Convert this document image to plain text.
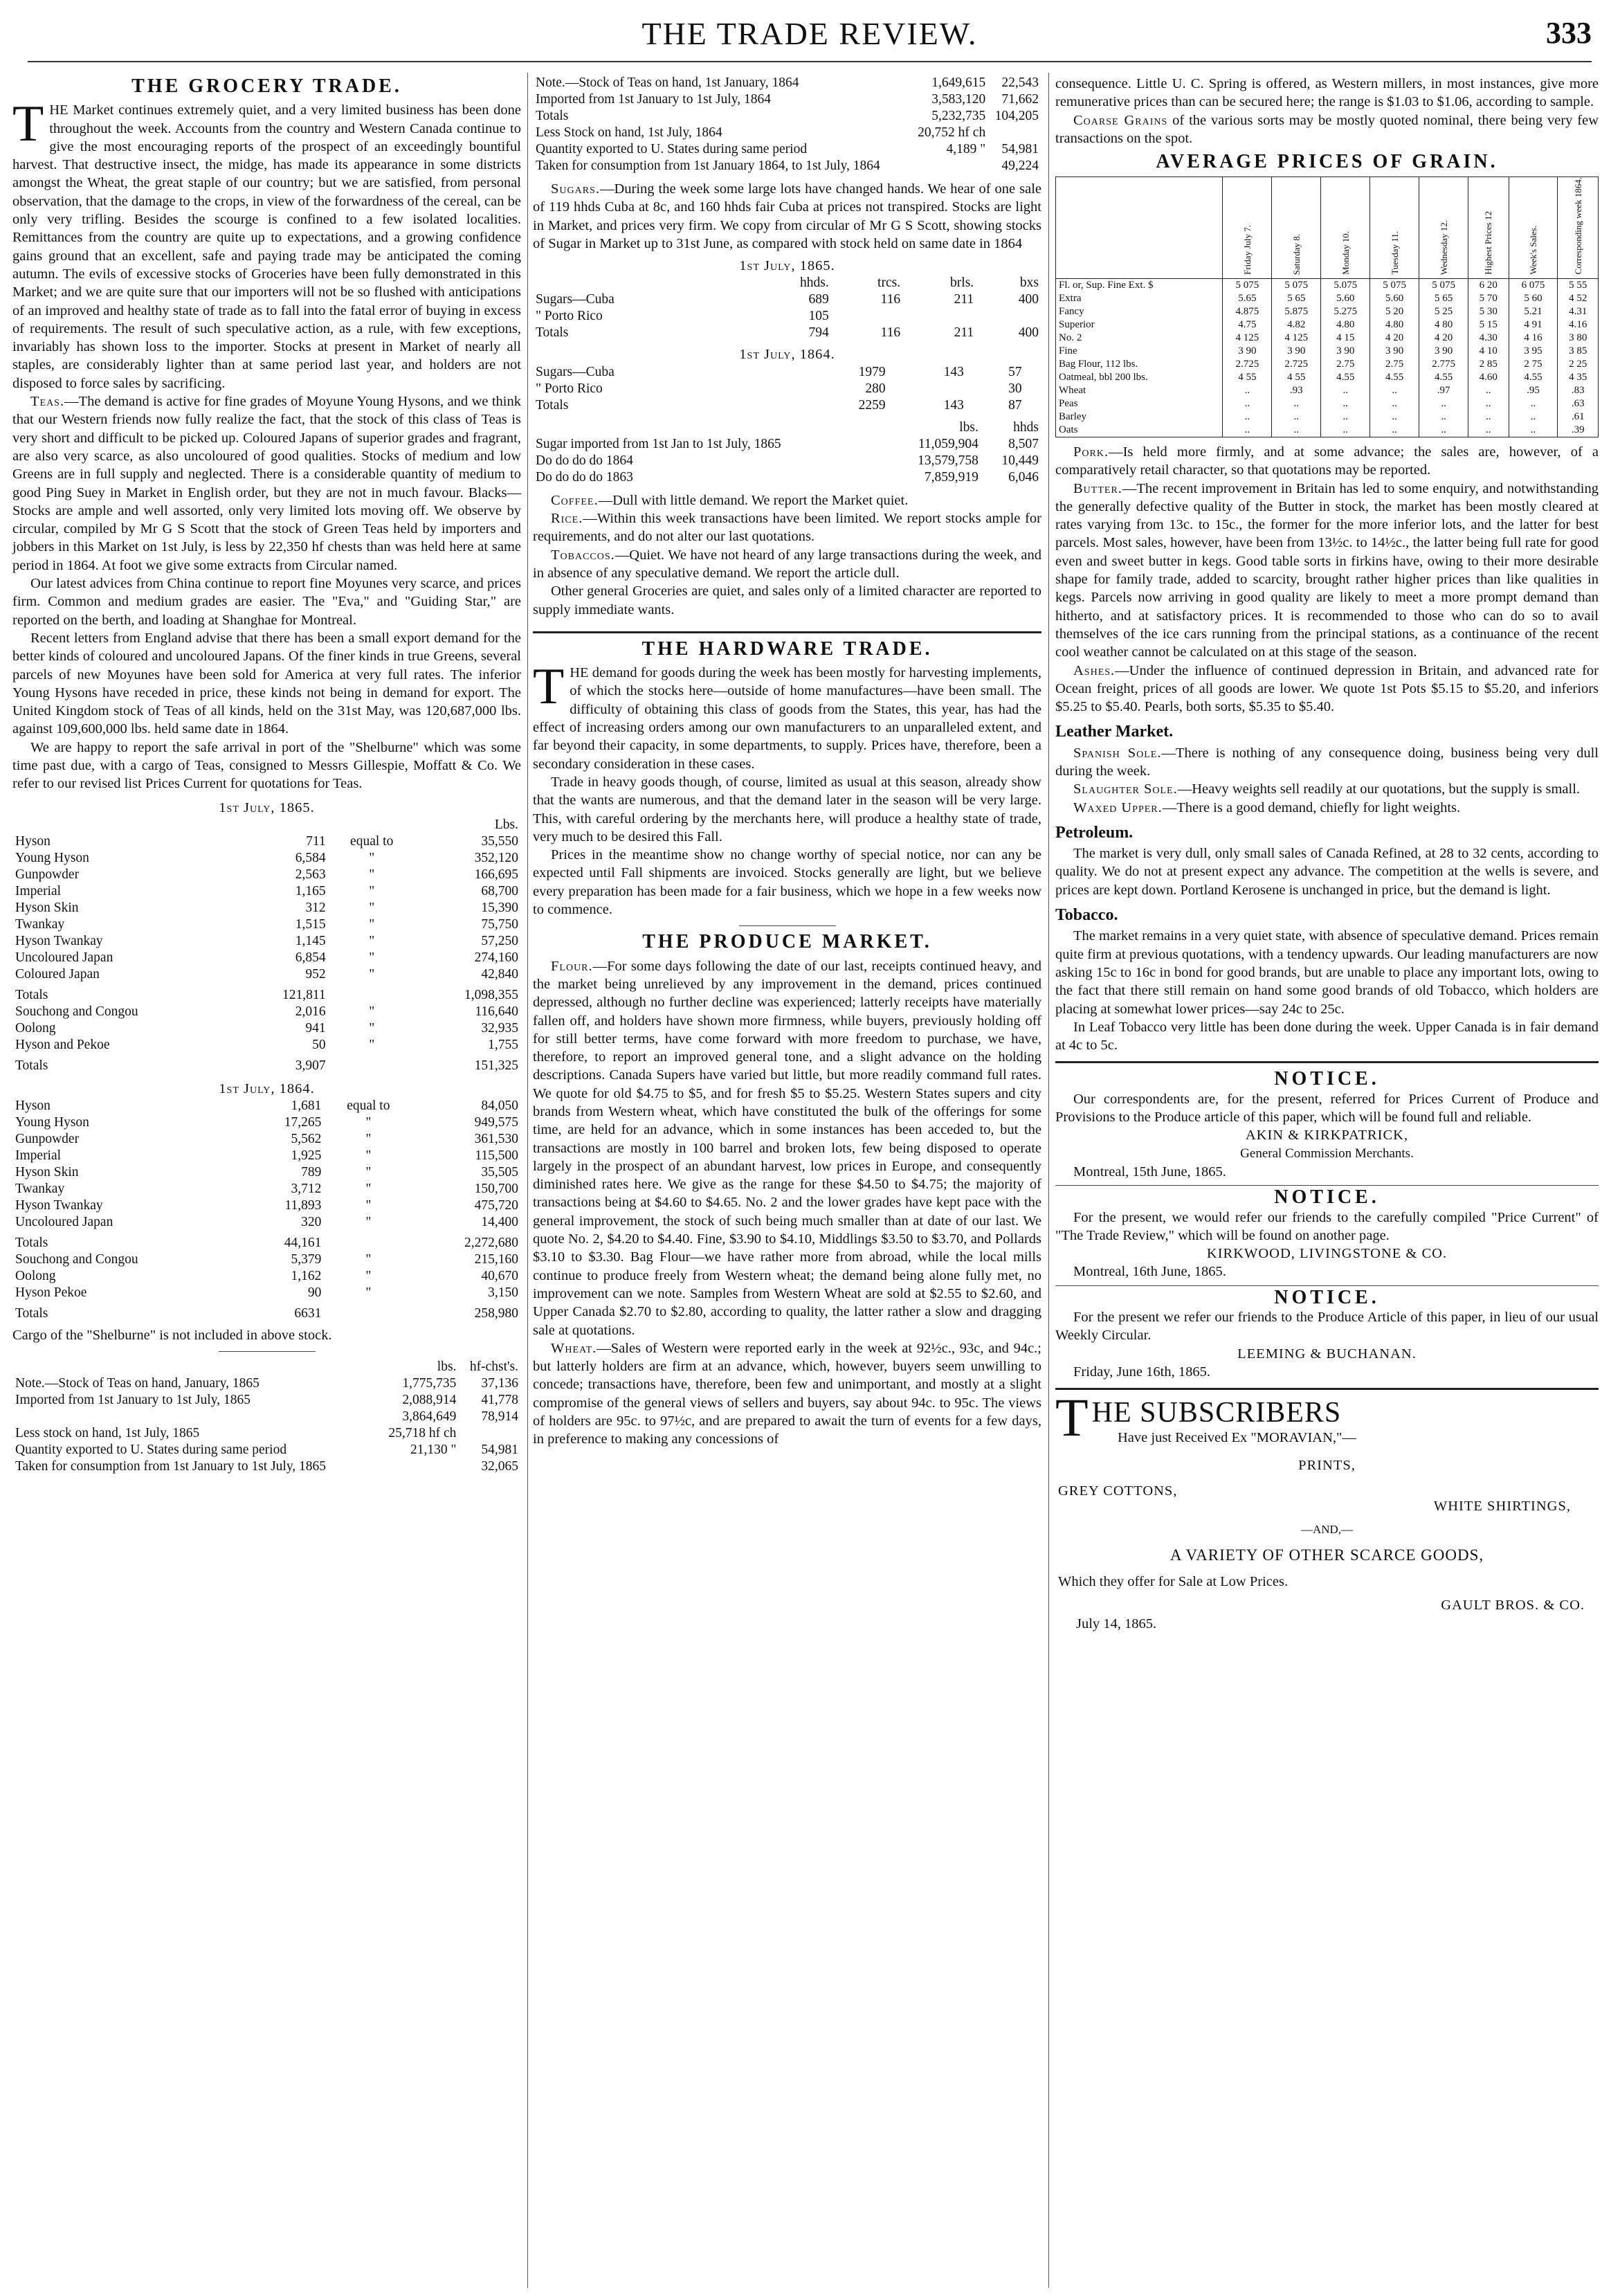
THE TRADE REVIEW.	333
THE GROCERY TRADE.

THE Market continues extremely quiet, and a very limited business has been done throughout the week. Accounts from the country and Western Canada continue to give the most encouraging reports of the prospect of an exceedingly bountiful harvest. That destructive insect, the midge, has made its appearance in some districts amongst the Wheat, the great staple of our country; but we are satisfied, from personal observation, that the damage to the crops, in view of the forwardness of the cereal, can be only very trifling. Besides the scourge is confined to a few isolated localities. Remittances from the country are quite up to expectations, and a growing confidence gains ground that an excellent, safe and paying trade may be anticipated the coming autumn. The evils of excessive stocks of Groceries have been fully demonstrated in this Market; and we are quite sure that our importers will not be so flushed with anticipations of an improved and healthy state of trade as to fall into the fatal error of buying in excess of requirements. The result of such speculative action, as a rule, with few exceptions, invariably has shown loss to the importer. Stocks at present in Market of nearly all staples, are considerably lighter than at same period last year, and holders are not disposed to force sales by sacrificing.

Teas.—The demand is active for fine grades of Moyune Young Hysons, and we think that our Western friends now fully realize the fact, that the stock of this class of Teas is very short and difficult to be picked up. Coloured Japans of superior grades and fragrant, are also very scarce, as also uncoloured of good qualities. Stocks of medium and low Greens are in full supply and neglected. There is a considerable quantity of medium to good Ping Suey in Market in English order, but they are not in much favour. Blacks—Stocks are ample and well assorted, only very limited lots moving off. We observe by circular, compiled by Mr G S Scott that the stock of Green Teas held by importers and jobbers in this Market on 1st July, is less by 22,350 hf chests than was held here at same period in 1864. At foot we give some extracts from Circular named.

Our latest advices from China continue to report fine Moyunes very scarce, and prices firm. Common and medium grades are easier. The "Eva," and "Guiding Star," are reported on the berth, and loading at Shanghae for Montreal.

Recent letters from England advise that there has been a small export demand for the better kinds of coloured and uncoloured Japans. Of the finer kinds in true Greens, several parcels of new Moyunes have been sold for America at very full rates. The inferior Young Hysons have receded in price, these kinds not being in demand for export. The United Kingdom stock of Teas of all kinds, held on the 31st May, was 120,687,000 lbs. against 109,600,000 lbs. held same date in 1864.

We are happy to report the safe arrival in port of the "Shelburne" which was some time past due, with a cargo of Teas, consigned to Messrs Gillespie, Moffatt & Co. We refer to our revised list Prices Current for quotations for Teas.

1st July, 1865.
			Lbs.
Hyson	711	equal to	35,550
Young Hyson	6,584	"	352,120
Gunpowder	2,563	"	166,695
Imperial	1,165	"	68,700
Hyson Skin	312	"	15,390
Twankay	1,515	"	75,750
Hyson Twankay	1,145	"	57,250
Uncoloured Japan	6,854	"	274,160
Coloured Japan	952	"	42,840
Totals	121,811		1,098,355
Souchong and Congou	2,016	"	116,640
Oolong	941	"	32,935
Hyson and Pekoe	50	"	1,755
Totals	3,907		151,325
1st July, 1864.
Hyson	1,681	equal to	84,050
Young Hyson	17,265	"	949,575
Gunpowder	5,562	"	361,530
Imperial	1,925	"	115,500
Hyson Skin	789	"	35,505
Twankay	3,712	"	150,700
Hyson Twankay	11,893	"	475,720
Uncoloured Japan	320	"	14,400
Totals	44,161		2,272,680
Souchong and Congou	5,379	"	215,160
Oolong	1,162	"	40,670
Hyson Pekoe	90	"	3,150
Totals	6631		258,980

Cargo of the "Shelburne" is not included in above stock.

	lbs.	hf-chst's.
Note.—Stock of Teas on hand, January, 1865	1,775,735	37,136
Imported from 1st January to 1st July, 1865	2,088,914	41,778
	3,864,649	78,914
Less stock on hand, 1st July, 1865	25,718 hf ch	
Quantity exported to U. States during same period	21,130 "	54,981
Taken for consumption from 1st January to 1st July, 1865		32,065
Note.—Stock of Teas on hand, 1st January, 1864	1,649,615	22,543
Imported from 1st January to 1st July, 1864	3,583,120	71,662
Totals	5,232,735	104,205
Less Stock on hand, 1st July, 1864	20,752 hf ch	
Quantity exported to U. States during same period	4,189 "	54,981
Taken for consumption from 1st January 1864, to 1st July, 1864		49,224

Sugars.—During the week some large lots have changed hands. We hear of one sale of 119 hhds Cuba at 8c, and 160 hhds fair Cuba at prices not transpired. Stocks are light in Market, and prices very firm. We copy from circular of Mr G S Scott, showing stocks of Sugar in Market up to 31st June, as compared with stock held on same date in 1864

1st July, 1865.
	hhds.	trcs.	brls.	bxs
Sugars—Cuba	689	116	211	400
" Porto Rico	105			
Totals	794	116	211	400
1st July, 1864.
Sugars—Cuba	1979	143	57	
" Porto Rico	280		30	
Totals	2259	143	87	
	lbs.	hhds
Sugar imported from 1st Jan to 1st July, 1865	11,059,904	8,507
Do do do do 1864	13,579,758	10,449
Do do do do 1863	7,859,919	6,046

Coffee.—Dull with little demand. We report the Market quiet.

Rice.—Within this week transactions have been limited. We report stocks ample for requirements, and do not alter our last quotations.

Tobaccos.—Quiet. We have not heard of any large transactions during the week, and in absence of any speculative demand. We report the article dull.

Other general Groceries are quiet, and sales only of a limited character are reported to supply immediate wants.

THE HARDWARE TRADE.

THE demand for goods during the week has been mostly for harvesting implements, of which the stocks here—outside of home manufactures—have been small. The difficulty of obtaining this class of goods from the States, this year, has had the effect of increasing orders among our own manufacturers to an unparalleled extent, and far beyond their capacity, in some departments, to supply. Prices have, therefore, been a secondary consideration in these cases.

Trade in heavy goods though, of course, limited as usual at this season, already show that the wants are numerous, and that the demand later in the season will be very large. This, with careful ordering by the merchants here, will produce a healthy state of trade, very much to be desired this Fall.

Prices in the meantime show no change worthy of special notice, nor can any be expected until Fall shipments are invoiced. Stocks generally are light, but we believe every preparation has been made for a fair business, which we hope in a few weeks now to commence.

THE PRODUCE MARKET.

Flour.—For some days following the date of our last, receipts continued heavy, and the market being unrelieved by any improvement in the demand, prices continued depressed, although no further decline was experienced; latterly receipts have materially fallen off, and holders have shown more firmness, while buyers, previously holding off for still better terms, have come forward with more freedom to purchase, we have, therefore, to report an improved general tone, and a slight advance on the holding descriptions. Canada Supers have varied but little, but more readily command full rates. We quote for old $4.75 to $5, and for fresh $5 to $5.25. Western States supers and city brands from Western wheat, which have constituted the bulk of the offerings for some time, are held for an advance, which in some instances has been acceded to, but the transactions are mostly in 100 barrel and broken lots, few being disposed to operate largely in the prospect of an abundant harvest, low prices in Europe, and consequently diminished rates here. We give as the range for these $4.50 to $4.75; the majority of transactions being at $4.60 to $4.65. No. 2 and the lower grades have kept pace with the general improvement, the stock of such being much smaller than at date of our last. We quote No. 2, $4.20 to $4.40. Fine, $3.90 to $4.10, Middlings $3.50 to $3.70, and Pollards $3.10 to $3.30. Bag Flour—we have rather more from abroad, while the local mills continue to produce freely from Western wheat; the demand being alone fully met, no improvement can we note. Samples from Western Wheat are sold at $2.55 to $2.60, and Upper Canada $2.70 to $2.80, according to quality, the latter rather a slow and dragging sale at quotations.

Wheat.—Sales of Western were reported early in the week at 92½c., 93c, and 94c.; but latterly holders are firm at an advance, which, however, buyers seem unwilling to concede; transactions have, therefore, been few and unimportant, and mostly at a slight compromise of the general views of sellers and buyers, say about 94c. to 95c. The views of holders are 95c. to 97½c, and are prepared to await the turn of events for a few days, in preference to making any concessions of

consequence. Little U. C. Spring is offered, as Western millers, in most instances, give more remunerative prices than can be secured here; the range is $1.03 to $1.06, according to sample.

Coarse Grains of the various sorts may be mostly quoted nominal, there being very few transactions on the spot.

AVERAGE PRICES OF GRAIN.
	Friday July 7.	Saturday 8.	Monday 10.	Tuesday 11.	Wednesday 12.	Highest Prices 12	Week's Sales.	Corresponding week 1864.
Fl. or, Sup. Fine Ext. $	5 075	5 075	5.075	5 075	5 075	6 20	6 075	5 55
Extra	5.65	5 65	5.60	5.60	5 65	5 70	5 60	4 52
Fancy	4.875	5.875	5.275	5 20	5 25	5 30	5.21	4.31
Superior	4.75	4.82	4.80	4.80	4 80	5 15	4 91	4.16
No. 2	4 125	4 125	4 15	4 20	4 20	4.30	4 16	3 80
Fine	3 90	3 90	3 90	3 90	3 90	4 10	3 95	3 85
Bag Flour, 112 lbs.	2.725	2.725	2.75	2.75	2.775	2 85	2 75	2 25
Oatmeal, bbl 200 lbs.	4 55	4 55	4.55	4.55	4.55	4.60	4.55	4 35
Wheat	..	.93	..	..	.97	..	.95	.83
Peas	..	..	..	..	..	..	..	.63
Barley	..	..	..	..	..	..	..	.61
Oats	..	..	..	..	..	..	..	.39

Pork.—Is held more firmly, and at some advance; the sales are, however, of a comparatively retail character, so that quotations may be reported.

Butter.—The recent improvement in Britain has led to some enquiry, and notwithstanding the generally defective quality of the Butter in stock, the market has been mostly cleared at rates varying from 13c. to 15c., the former for the more inferior lots, and the latter for best parcels. Most sales, however, have been from 13½c. to 14½c., the latter being full rate for good even and sweet butter in kegs. Good table sorts in firkins have, owing to their more desirable shape for family trade, added to scarcity, brought rather higher prices than like qualities in kegs. Parcels now arriving in good quality are likely to meet a more prompt demand than hitherto, and at satisfactory prices. It is recommended to those who can do so to avail themselves of the ice cars running from the principal stations, as a continuance of the recent cool weather cannot be calculated on at this stage of the season.

Ashes.—Under the influence of continued depression in Britain, and advanced rate for Ocean freight, prices of all goods are lower. We quote 1st Pots $5.15 to $5.20, and inferiors $5.25 to $5.40. Pearls, both sorts, $5.35 to $5.40.

Leather Market.

Spanish Sole.—There is nothing of any consequence doing, business being very dull during the week.

Slaughter Sole.—Heavy weights sell readily at our quotations, but the supply is small.

Waxed Upper.—There is a good demand, chiefly for light weights.

Petroleum.

The market is very dull, only small sales of Canada Refined, at 28 to 32 cents, according to quality. We do not at present expect any advance. The competition at the wells is severe, and prices are kept down. Portland Kerosene is unchanged in price, but the demand is light.

Tobacco.

The market remains in a very quiet state, with absence of speculative demand. Prices remain quite firm at previous quotations, with a tendency upwards. Our leading manufacturers are now asking 15c to 16c in bond for good brands, but are unable to place any important lots, owing to the fact that there still remain on hand some good brands of old Tobacco, which holders are placing at somewhat lower prices—say 24c to 25c.

In Leaf Tobacco very little has been done during the week. Upper Canada is in fair demand at 4c to 5c.

NOTICE.

Our correspondents are, for the present, referred for Prices Current of Produce and Provisions to the Produce article of this paper, which will be found full and reliable.

AKIN & KIRKPATRICK,
General Commission Merchants.

Montreal, 15th June, 1865.

NOTICE.

For the present, we would refer our friends to the carefully compiled "Price Current" of "The Trade Review," which will be found on another page.

KIRKWOOD, LIVINGSTONE & CO.

Montreal, 16th June, 1865.

NOTICE.

For the present we refer our friends to the Produce Article of this paper, in lieu of our usual Weekly Circular.

LEEMING & BUCHANAN.

Friday, June 16th, 1865.

THE SUBSCRIBERS
Have just Received Ex "MORAVIAN,"—
PRINTS,
GREY COTTONS,
WHITE SHIRTINGS,
—AND,—
A VARIETY OF OTHER SCARCE GOODS,
Which they offer for Sale at Low Prices.
GAULT BROS. & CO.
July 14, 1865.
